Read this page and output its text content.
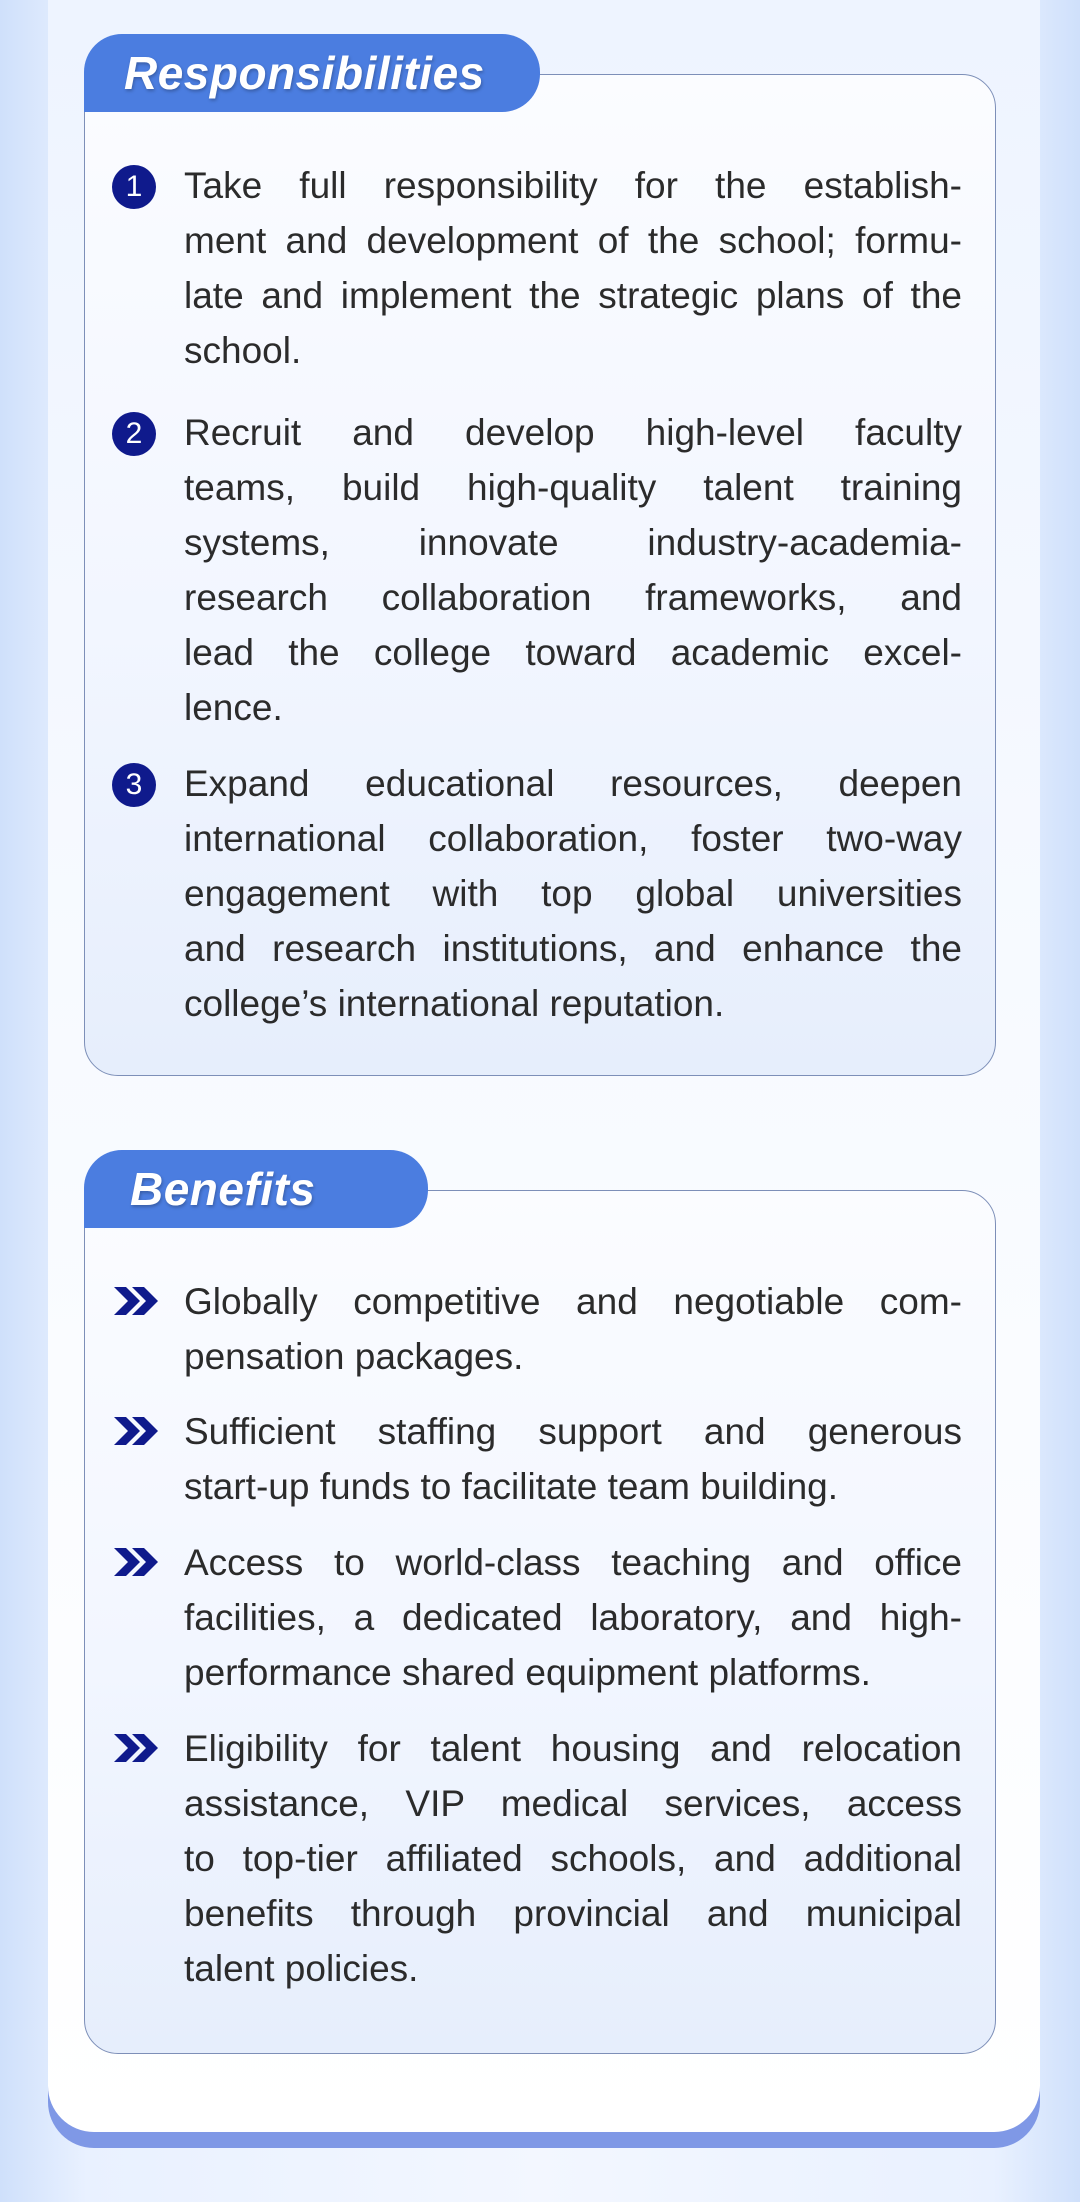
Responsibilities
1	Take full responsibility for the establish-
ment and development of the school; formu-
late and implement the strategic plans of the
school.
2	Recruit and develop high-level faculty
teams, build high-quality talent training
systems, innovate industry-academia-
research collaboration frameworks, and
lead the college toward academic excel-
lence.
3	Expand educational resources, deepen
international collaboration, foster two-way
engagement with top global universities
and research institutions, and enhance the
college’s international reputation.
Benefits
Globally competitive and negotiable com-
pensation packages.
Sufficient staffing support and generous
start-up funds to facilitate team building.
Access to world-class teaching and office
facilities, a dedicated laboratory, and high-
performance shared equipment platforms.
Eligibility for talent housing and relocation
assistance, VIP medical services, access
to top-tier affiliated schools, and additional
benefits through provincial and municipal
talent policies.
